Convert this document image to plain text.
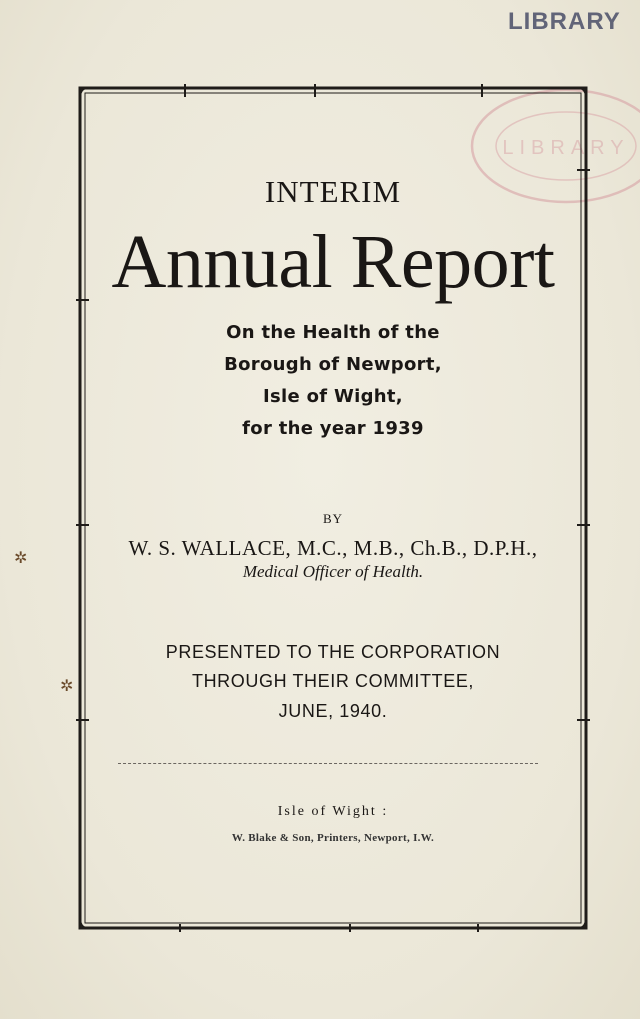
LIBRARY
LIBRARY
✲
✲
INTERIM
Annual Report
On the Health of the
Borough of Newport,
Isle of Wight,
for the year 1939
BY
W. S. WALLACE, M.C., M.B., Ch.B., D.P.H.,
Medical Officer of Health.
PRESENTED TO THE CORPORATION
THROUGH THEIR COMMITTEE,
JUNE, 1940.
Isle of Wight :
W. Blake & Son, Printers, Newport, I.W.
